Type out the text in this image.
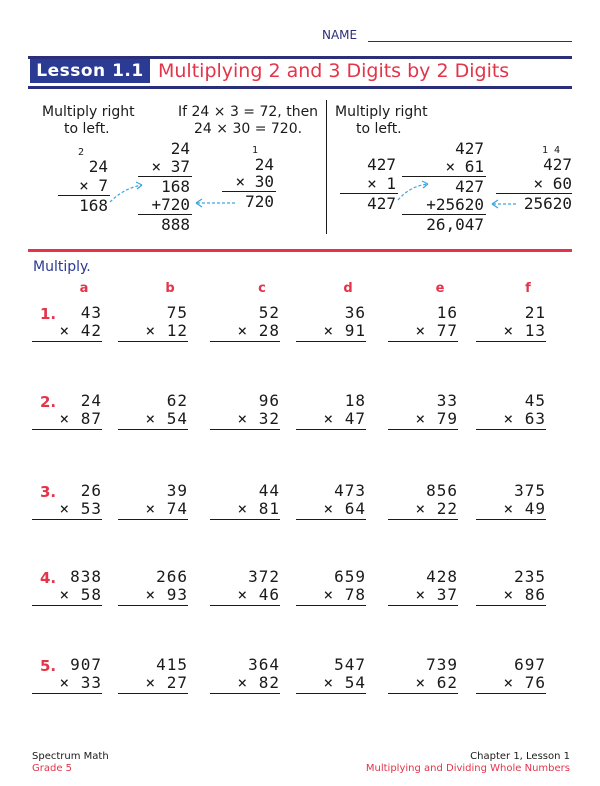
NAME
Lesson 1.1 Multiplying 2 and 3 Digits by 2 Digits
Multiply right
to left.
If 24 × 3 = 72, then
24 × 30 = 720.
2
24
× 7
168
24
× 37
168
+720
888
1
24
× 30
720
Multiply right
to left.
427
× 1
427
427
× 61
427
+25620
26,047
1 4
427
× 60
25620
Multiply.
a	b	c	d	e	f
1.	43
× 42
75
× 12
52
× 28
36
× 91
16
× 77
21
× 13
2.	24
× 87
62
× 54
96
× 32
18
× 47
33
× 79
45
× 63
3.	26
× 53
39
× 74
44
× 81
473
× 64
856
× 22
375
× 49
4. 838
× 58
266
× 93
372
× 46
659
× 78
428
× 37
235
× 86
5. 907
× 33
415
× 27
364
× 82
547
× 54
739
× 62
697
× 76
Spectrum Math
Grade 5
Chapter 1, Lesson 1
Multiplying and Dividing Whole Numbers
